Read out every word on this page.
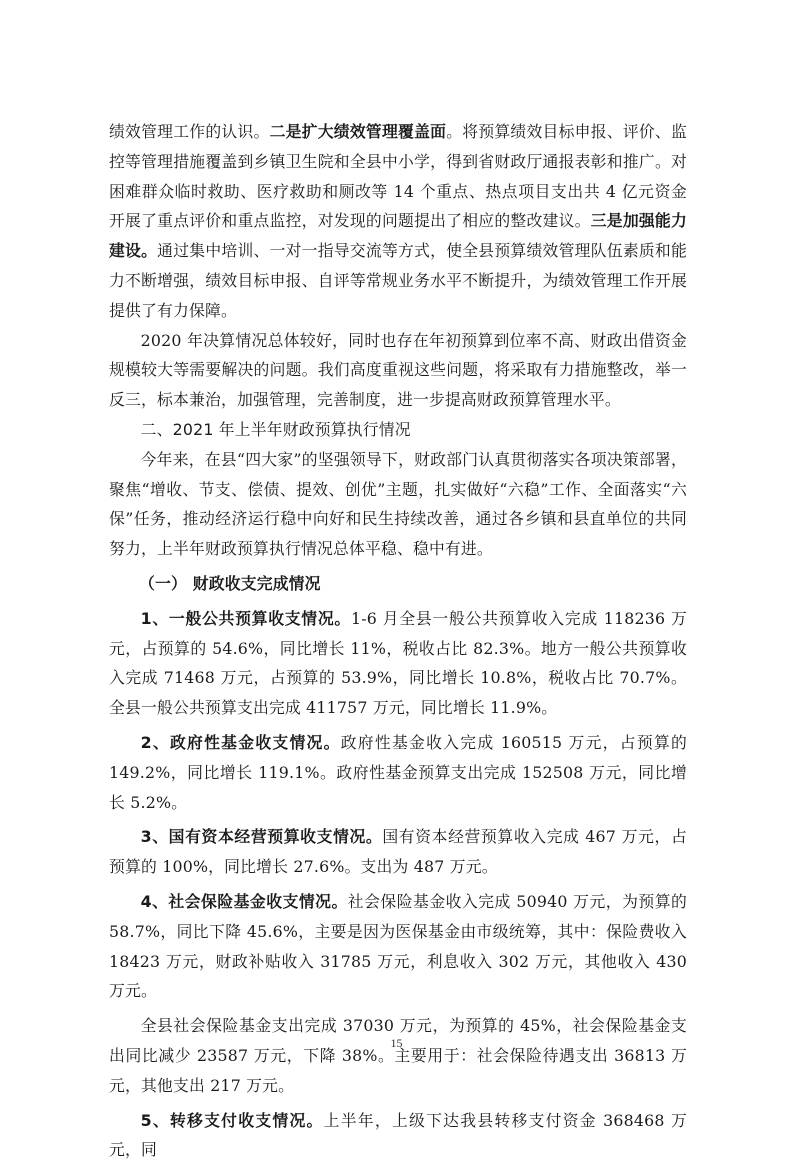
绩效管理工作的认识。二是扩大绩效管理覆盖面。将预算绩效目标申报、评价、监控等管理措施覆盖到乡镇卫生院和全县中小学，得到省财政厅通报表彰和推广。对困难群众临时救助、医疗救助和厕改等 14 个重点、热点项目支出共 4 亿元资金开展了重点评价和重点监控，对发现的问题提出了相应的整改建议。三是加强能力建设。通过集中培训、一对一指导交流等方式，使全县预算绩效管理队伍素质和能力不断增强，绩效目标申报、自评等常规业务水平不断提升，为绩效管理工作开展提供了有力保障。

2020 年决算情况总体较好，同时也存在年初预算到位率不高、财政出借资金规模较大等需要解决的问题。我们高度重视这些问题，将采取有力措施整改，举一反三，标本兼治，加强管理，完善制度，进一步提高财政预算管理水平。

二、2021 年上半年财政预算执行情况

今年来，在县“四大家”的坚强领导下，财政部门认真贯彻落实各项决策部署，聚焦“增收、节支、偿债、提效、创优”主题，扎实做好“六稳”工作、全面落实“六保”任务，推动经济运行稳中向好和民生持续改善，通过各乡镇和县直单位的共同努力，上半年财政预算执行情况总体平稳、稳中有进。

（一） 财政收支完成情况

1、一般公共预算收支情况。1-6 月全县一般公共预算收入完成 118236 万元，占预算的 54.6%，同比增长 11%，税收占比 82.3%。地方一般公共预算收入完成 71468 万元，占预算的 53.9%，同比增长 10.8%，税收占比 70.7%。全县一般公共预算支出完成 411757 万元，同比增长 11.9%。

2、政府性基金收支情况。政府性基金收入完成 160515 万元，占预算的 149.2%，同比增长 119.1%。政府性基金预算支出完成 152508 万元，同比增长 5.2%。

3、国有资本经营预算收支情况。国有资本经营预算收入完成 467 万元，占预算的 100%，同比增长 27.6%。支出为 487 万元。

4、社会保险基金收支情况。社会保险基金收入完成 50940 万元，为预算的 58.7%，同比下降 45.6%，主要是因为医保基金由市级统筹，其中：保险费收入 18423 万元，财政补贴收入 31785 万元，利息收入 302 万元，其他收入 430 万元。

全县社会保险基金支出完成 37030 万元，为预算的 45%，社会保险基金支出同比减少 23587 万元，下降 38%。主要用于：社会保险待遇支出 36813 万元，其他支出 217 万元。

5、转移支付收支情况。上半年，上级下达我县转移支付资金 368468 万元，同

15
